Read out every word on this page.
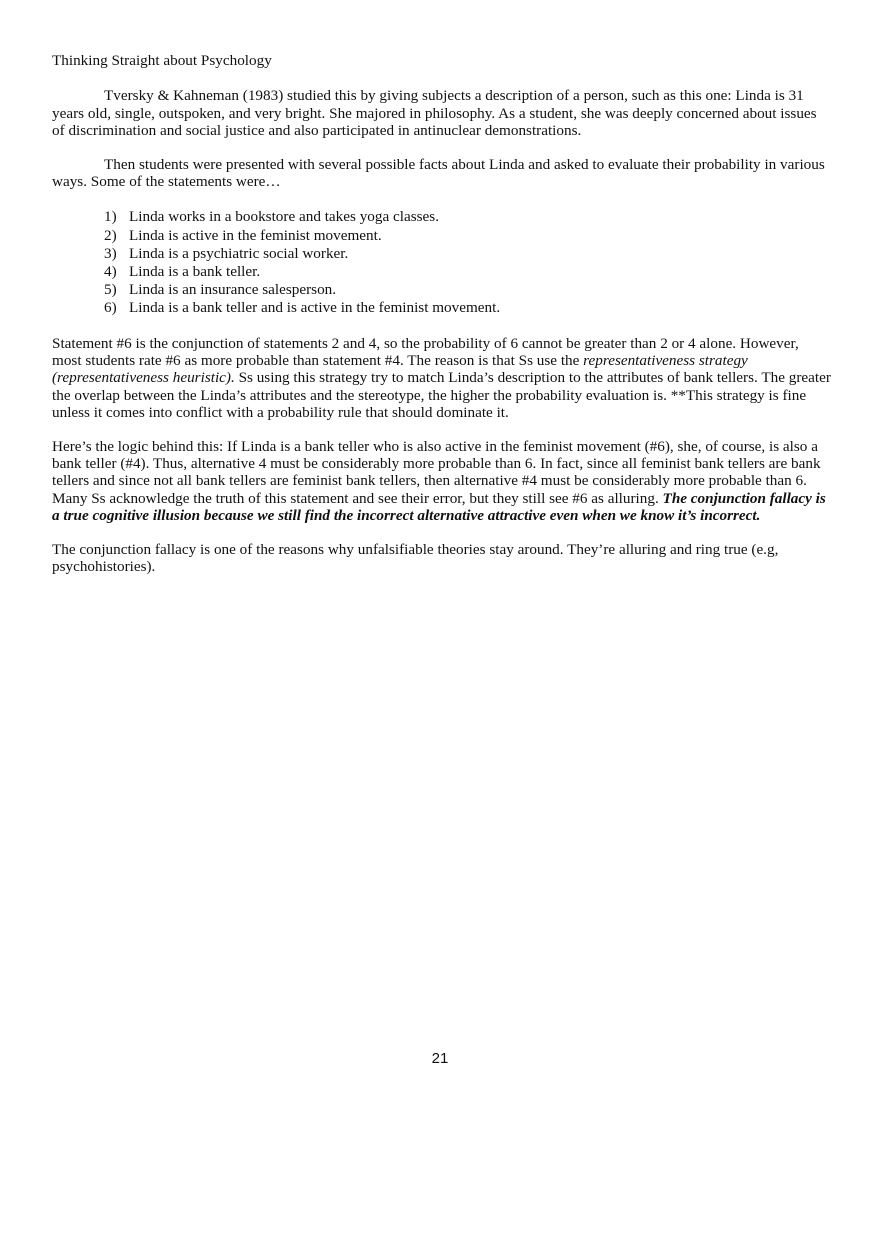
Thinking Straight about Psychology

Tversky & Kahneman (1983) studied this by giving subjects a description of a person, such as this one: Linda is 31 years old, single, outspoken, and very bright. She majored in philosophy. As a student, she was deeply concerned about issues of discrimination and social justice and also participated in antinuclear demonstrations.

Then students were presented with several possible facts about Linda and asked to evaluate their probability in various ways. Some of the statements were…

1) Linda works in a bookstore and takes yoga classes.
2) Linda is active in the feminist movement.
3) Linda is a psychiatric social worker.
4) Linda is a bank teller.
5) Linda is an insurance salesperson.
6) Linda is a bank teller and is active in the feminist movement.

Statement #6 is the conjunction of statements 2 and 4, so the probability of 6 cannot be greater than 2 or 4 alone. However, most students rate #6 as more probable than statement #4. The reason is that Ss use the representativeness strategy (representativeness heuristic). Ss using this strategy try to match Linda’s description to the attributes of bank tellers. The greater the overlap between the Linda’s attributes and the stereotype, the higher the probability evaluation is. **This strategy is fine unless it comes into conflict with a probability rule that should dominate it.

Here’s the logic behind this: If Linda is a bank teller who is also active in the feminist movement (#6), she, of course, is also a bank teller (#4). Thus, alternative 4 must be considerably more probable than 6. In fact, since all feminist bank tellers are bank tellers and since not all bank tellers are feminist bank tellers, then alternative #4 must be considerably more probable than 6. Many Ss acknowledge the truth of this statement and see their error, but they still see #6 as alluring. The conjunction fallacy is a true cognitive illusion because we still find the incorrect alternative attractive even when we know it’s incorrect.

The conjunction fallacy is one of the reasons why unfalsifiable theories stay around. They’re alluring and ring true (e.g, psychohistories).

21
